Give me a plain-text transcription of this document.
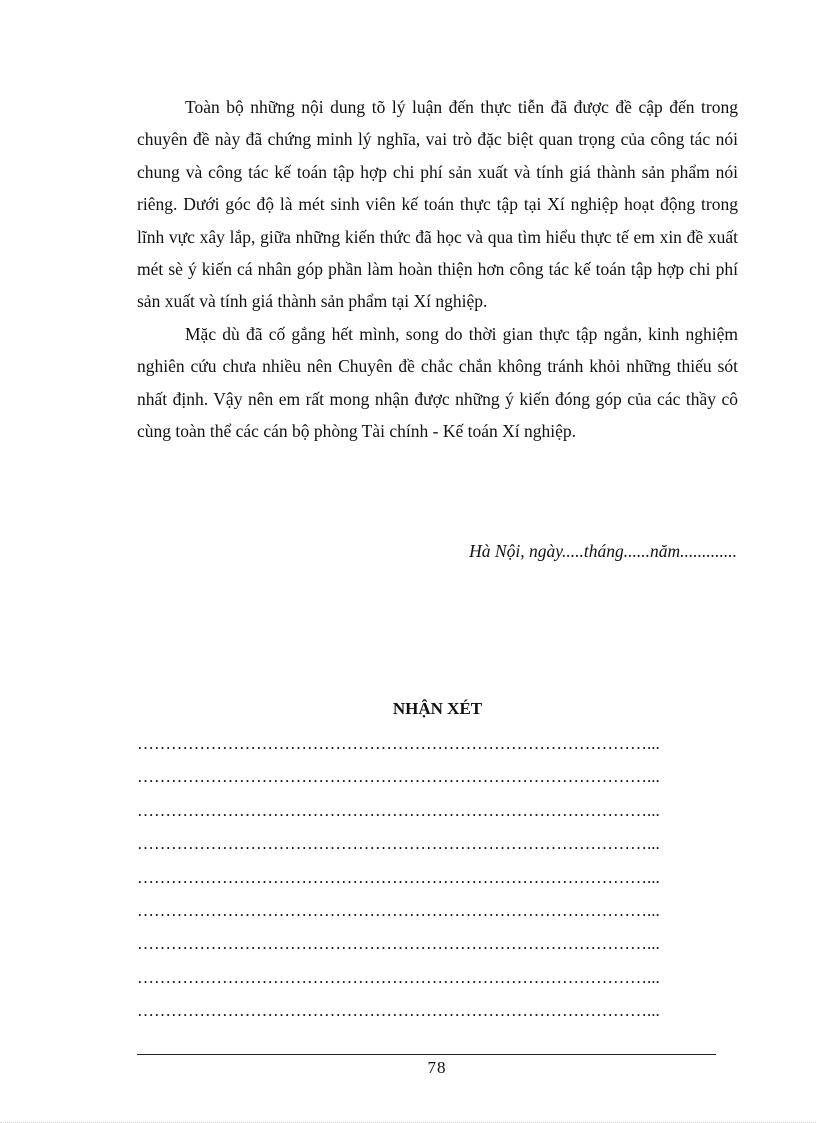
Toàn bộ những nội dung tõ lý luận đến thực tiễn đã được đề cập đến trong chuyên đề này đã chứng minh lý nghĩa, vai trò đặc biệt quan trọng của công tác nói chung và công tác kế toán tập hợp chi phí sản xuất và tính giá thành sản phẩm nói riêng. Dưới góc độ là mét sinh viên kế toán thực tập tại Xí nghiệp hoạt động trong lĩnh vực xây lắp, giữa những kiến thức đã học và qua tìm hiểu thực tế em xin đề xuất mét sè ý kiến cá nhân góp phần làm hoàn thiện hơn công tác kế toán tập hợp chi phí sản xuất và tính giá thành sản phẩm tại Xí nghiệp.

Mặc dù đã cố gắng hết mình, song do thời gian thực tập ngắn, kinh nghiệm nghiên cứu chưa nhiều nên Chuyên đề chắc chắn không tránh khỏi những thiếu sót nhất định. Vậy nên em rất mong nhận được những ý kiến đóng góp của các thầy cô cùng toàn thể các cán bộ phòng Tài chính - Kế toán Xí nghiệp.

Hà Nội, ngày.....tháng......năm.............
NHẬN XÉT
………………………………………………………………………………...
………………………………………………………………………………...
………………………………………………………………………………...
………………………………………………………………………………...
………………………………………………………………………………...
………………………………………………………………………………...
………………………………………………………………………………...
………………………………………………………………………………...
………………………………………………………………………………...
78
